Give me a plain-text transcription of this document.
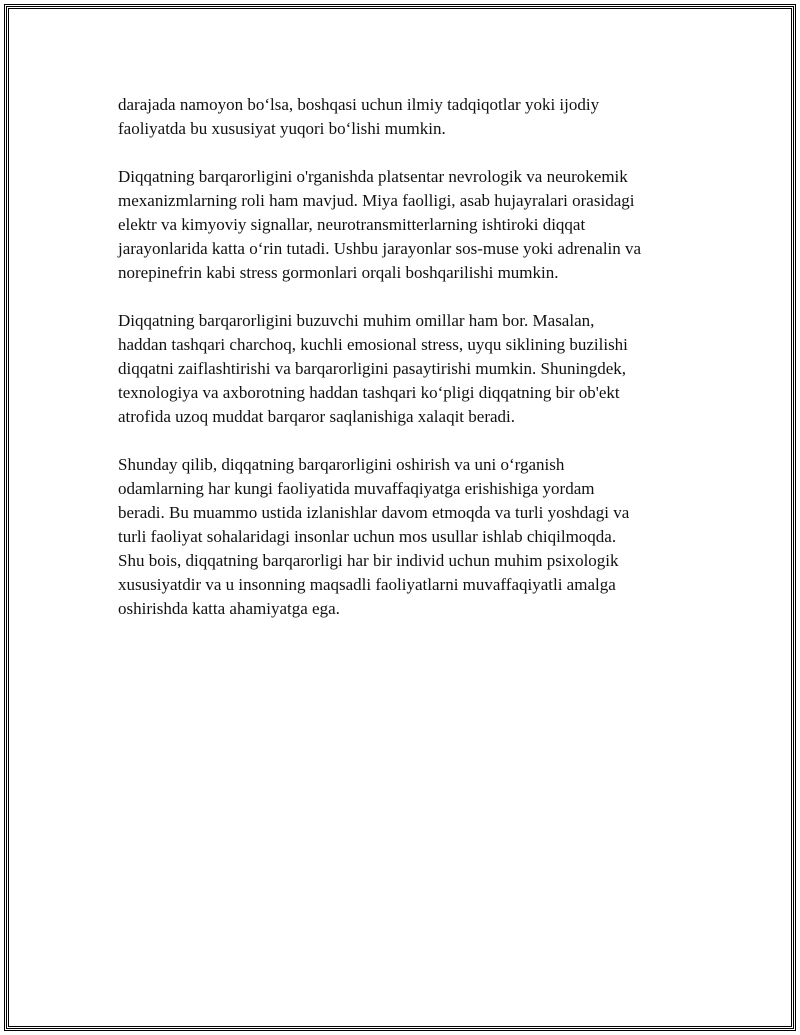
darajada namoyon bo‘lsa, boshqasi uchun ilmiy tadqiqotlar yoki ijodiy
faoliyatda bu xususiyat yuqori bo‘lishi mumkin.

Diqqatning barqarorligini o'rganishda platsentar nevrologik va neurokemik
mexanizmlarning roli ham mavjud. Miya faolligi, asab hujayralari orasidagi
elektr va kimyoviy signallar, neurotransmitterlarning ishtiroki diqqat
jarayonlarida katta o‘rin tutadi. Ushbu jarayonlar sos-muse yoki adrenalin va
norepinefrin kabi stress gormonlari orqali boshqarilishi mumkin.

Diqqatning barqarorligini buzuvchi muhim omillar ham bor. Masalan,
haddan tashqari charchoq, kuchli emosional stress, uyqu siklining buzilishi
diqqatni zaiflashtirishi va barqarorligini pasaytirishi mumkin. Shuningdek,
texnologiya va axborotning haddan tashqari ko‘pligi diqqatning bir ob'ekt
atrofida uzoq muddat barqaror saqlanishiga xalaqit beradi.

Shunday qilib, diqqatning barqarorligini oshirish va uni o‘rganish
odamlarning har kungi faoliyatida muvaffaqiyatga erishishiga yordam
beradi. Bu muammo ustida izlanishlar davom etmoqda va turli yoshdagi va
turli faoliyat sohalaridagi insonlar uchun mos usullar ishlab chiqilmoqda.
Shu bois, diqqatning barqarorligi har bir individ uchun muhim psixologik
xususiyatdir va u insonning maqsadli faoliyatlarni muvaffaqiyatli amalga
oshirishda katta ahamiyatga ega.
